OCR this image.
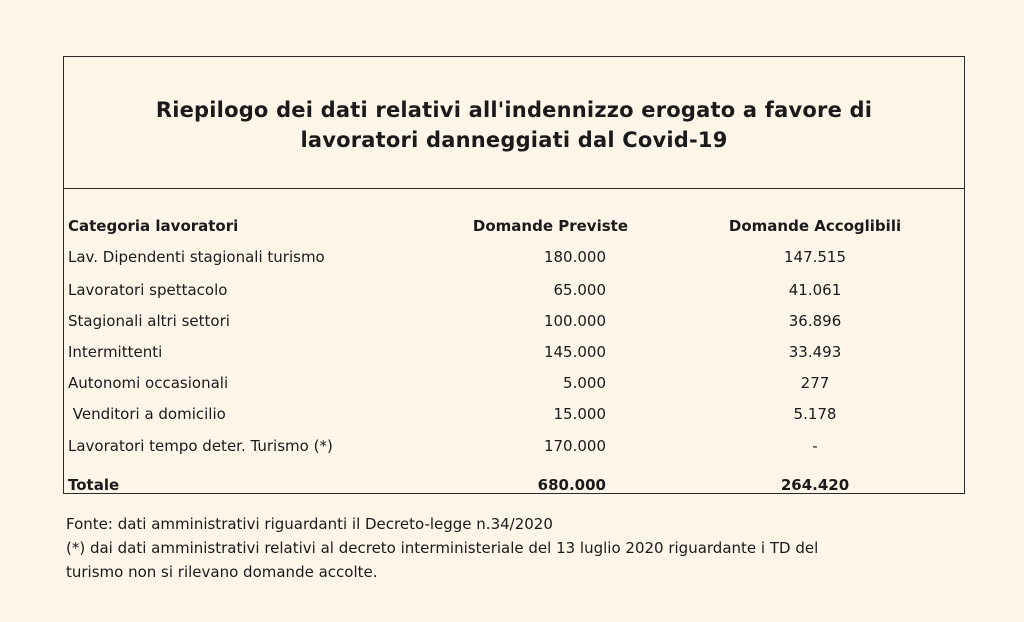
Riepilogo dei dati relativi all'indennizzo erogato a favore di
lavoratori danneggiati dal Covid-19
Categoria lavoratori	Domande Previste	Domande Accoglibili
Lav. Dipendenti stagionali turismo	180.000	147.515
Lavoratori spettacolo	65.000	41.061
Stagionali altri settori	100.000	36.896
Intermittenti	145.000	33.493
Autonomi occasionali	5.000	277
Venditori a domicilio	15.000	5.178
Lavoratori tempo deter. Turismo (*)	170.000	-
Totale	680.000	264.420
Fonte: dati amministrativi riguardanti il Decreto-legge n.34/2020
(*) dai dati amministrativi relativi al decreto interministeriale del 13 luglio 2020 riguardante i TD del
turismo non si rilevano domande accolte.
